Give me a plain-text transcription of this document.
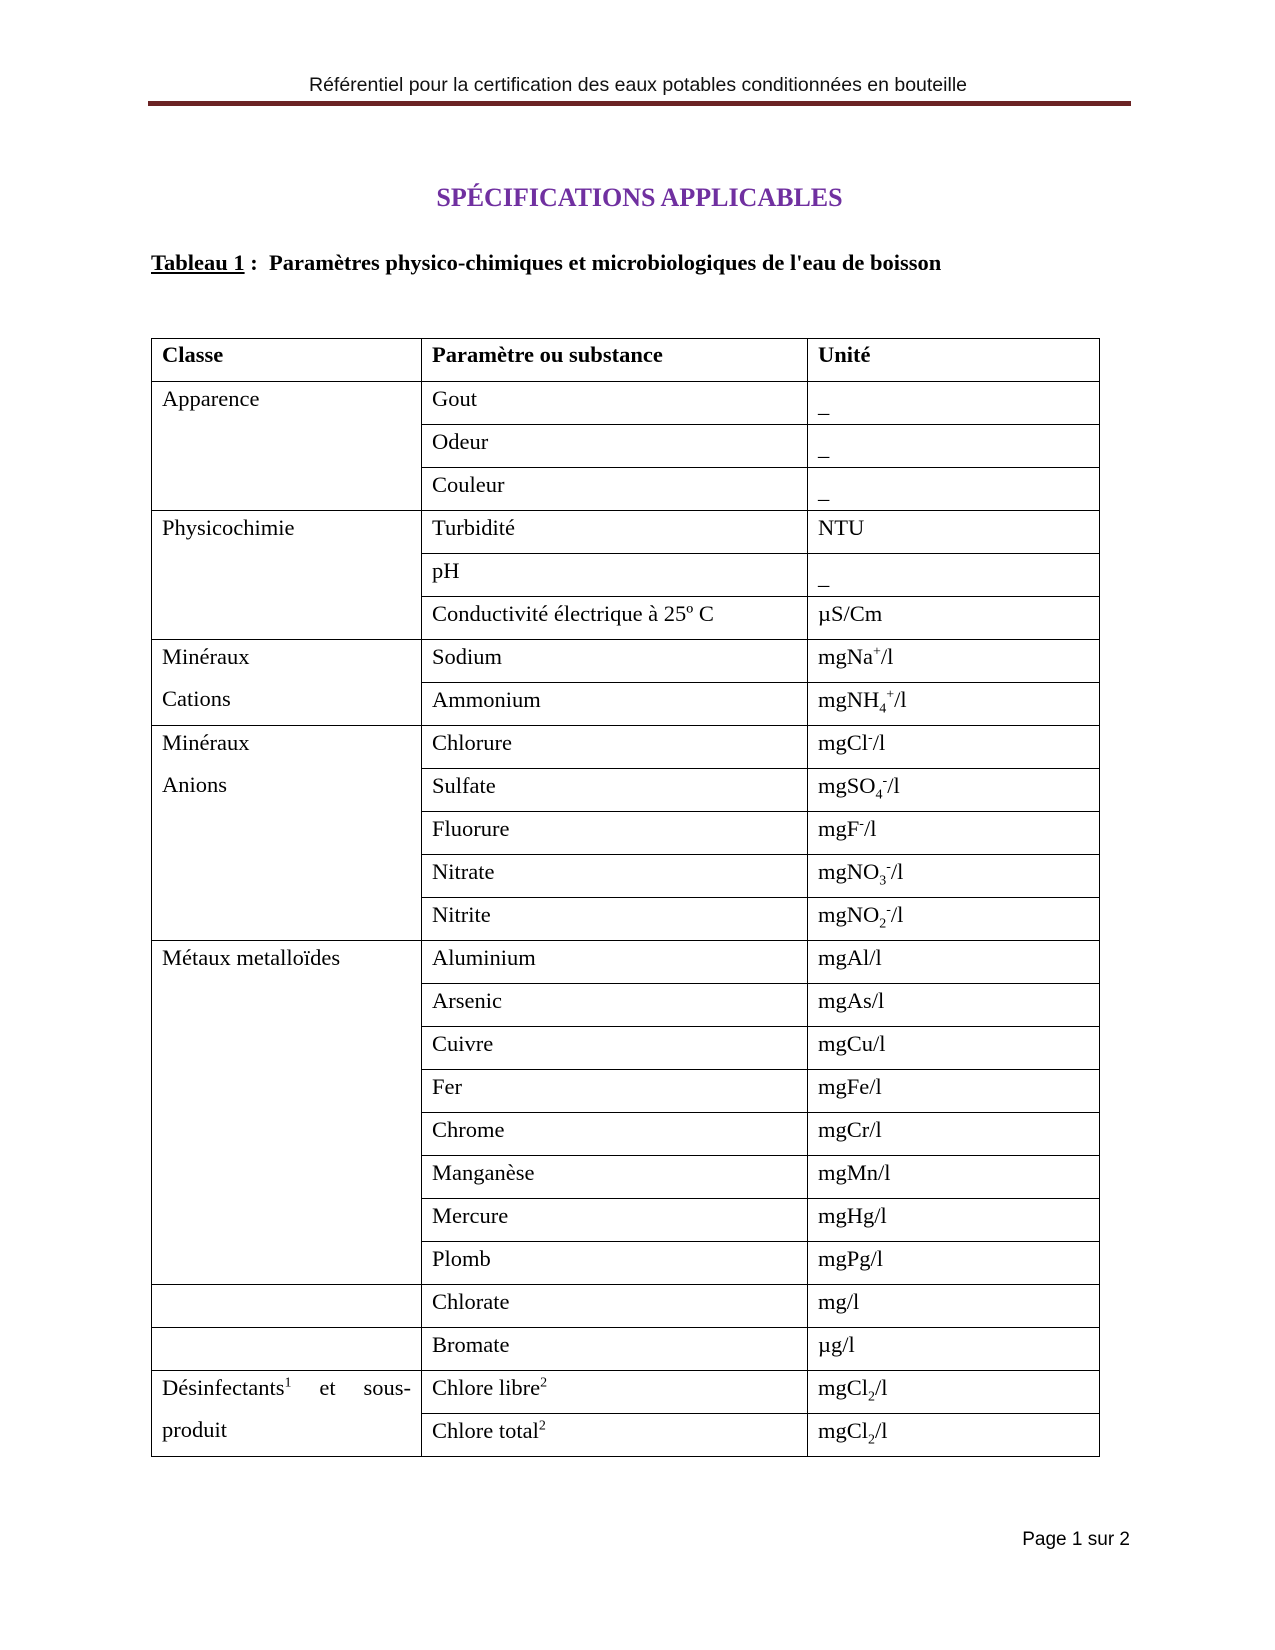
Référentiel pour la certification des eaux potables conditionnées en bouteille
SPÉCIFICATIONS APPLICABLES
Tableau 1 :  Paramètres physico-chimiques et microbiologiques de l'eau de boisson
Classe	Paramètre ou substance	Unité
Apparence	Gout	_
	Odeur	_
	Couleur	_
Physicochimie	Turbidité	NTU
	pH	_
	Conductivité électrique à 25º C	µS/Cm

Minéraux
Cations	Sodium	mgNa+/l
	Ammonium	mgNH$_4$+/l

Minéraux
Anions	Chlorure	mgCl-/l
	Sulfate	mgSO$_4$-/l
	Fluorure	mgF-/l
	Nitrate	mgNO$_3$-/l
	Nitrite	mgNO$_2$-/l
Métaux metalloïdes	Aluminium	mgAl/l
	Arsenic	mgAs/l
	Cuivre	mgCu/l
	Fer	mgFe/l
	Chrome	mgCr/l
	Manganèse	mgMn/l
	Mercure	mgHg/l
	Plomb	mgPg/l
	Chlorate	mg/l
	Bromate	µg/l

Désinfectants$^1$ et sous-
produit	Chlore libre$^2$	mgCl$_2$/l
	Chlore total$^2$	mgCl$_2$/l
Page 1 sur 2
